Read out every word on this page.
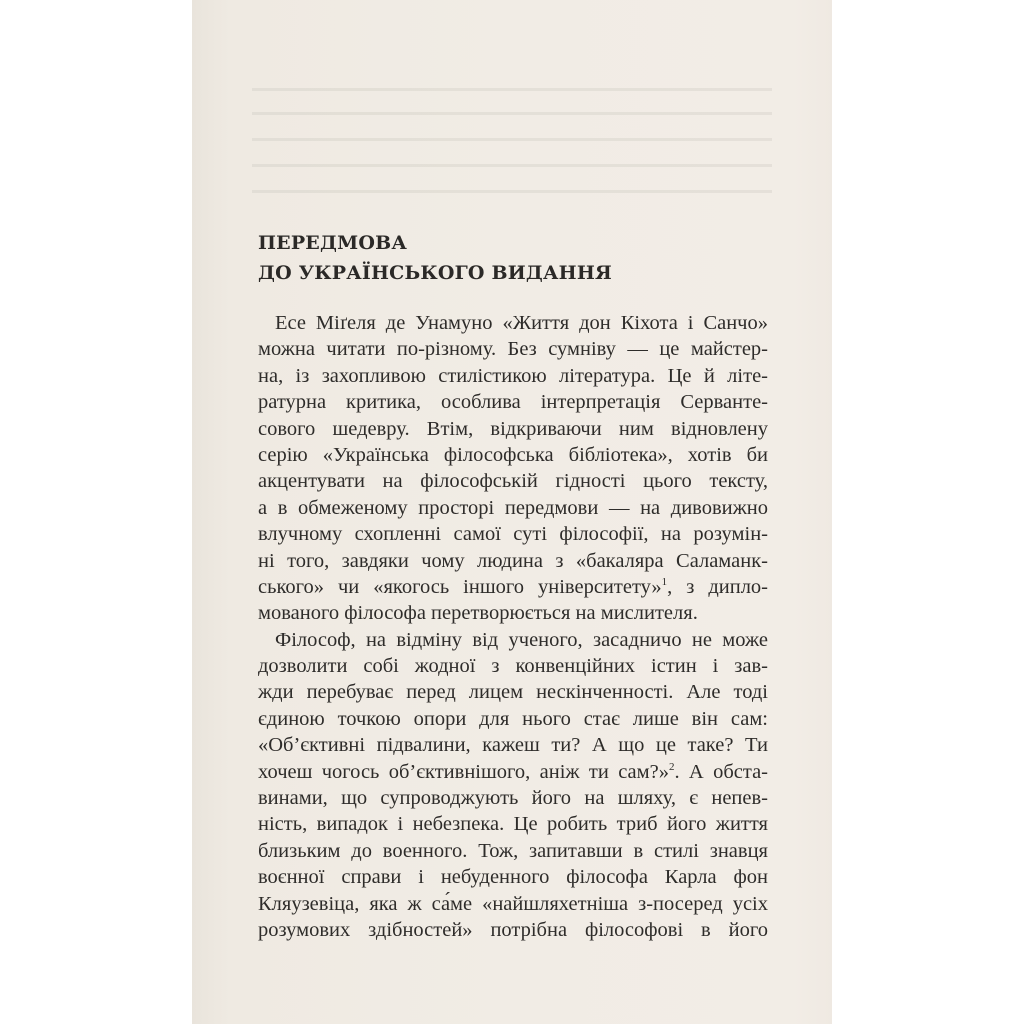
ПЕРЕДМОВА
ДО УКРАЇНСЬКОГО ВИДАННЯ
Есе Міґеля де Унамуно «Життя дон Кіхота і Санчо»
можна читати по-різному. Без сумніву — це майстер-
на, із захопливою стилістикою література. Це й літе-
ратурна критика, особлива інтерпретація Серванте-
сового шедевру. Втім, відкриваючи ним відновлену
серію «Українська філософська бібліотека», хотів би
акцентувати на філософській гідності цього тексту,
а в обмеженому просторі передмови — на дивовижно
влучному схопленні самої суті філософії, на розумін-
ні того, завдяки чому людина з «бакаляра Саламанк-
ського» чи «якогось іншого університету»$^1$, з дипло-
мованого філософа перетворюється на мислителя.
Філософ, на відміну від ученого, засадничо не може
дозволити собі жодної з конвенційних істин і зав-
жди перебуває перед лицем нескінченності. Але тоді
єдиною точкою опори для нього стає лише він сам:
«Об’єктивні підвалини, кажеш ти? А що це таке? Ти
хочеш чогось об’єктивнішого, аніж ти сам?»$^2$. А обста-
винами, що супроводжують його на шляху, є непев-
ність, випадок і небезпека. Це робить триб його життя
близьким до военного. Тож, запитавши в стилі знавця
воєнної справи і небуденного філософа Карла фон
Кляузевіца, яка ж са́ме «найшляхетніша з-посеред усіх
розумових здібностей» потрібна філософові в його
